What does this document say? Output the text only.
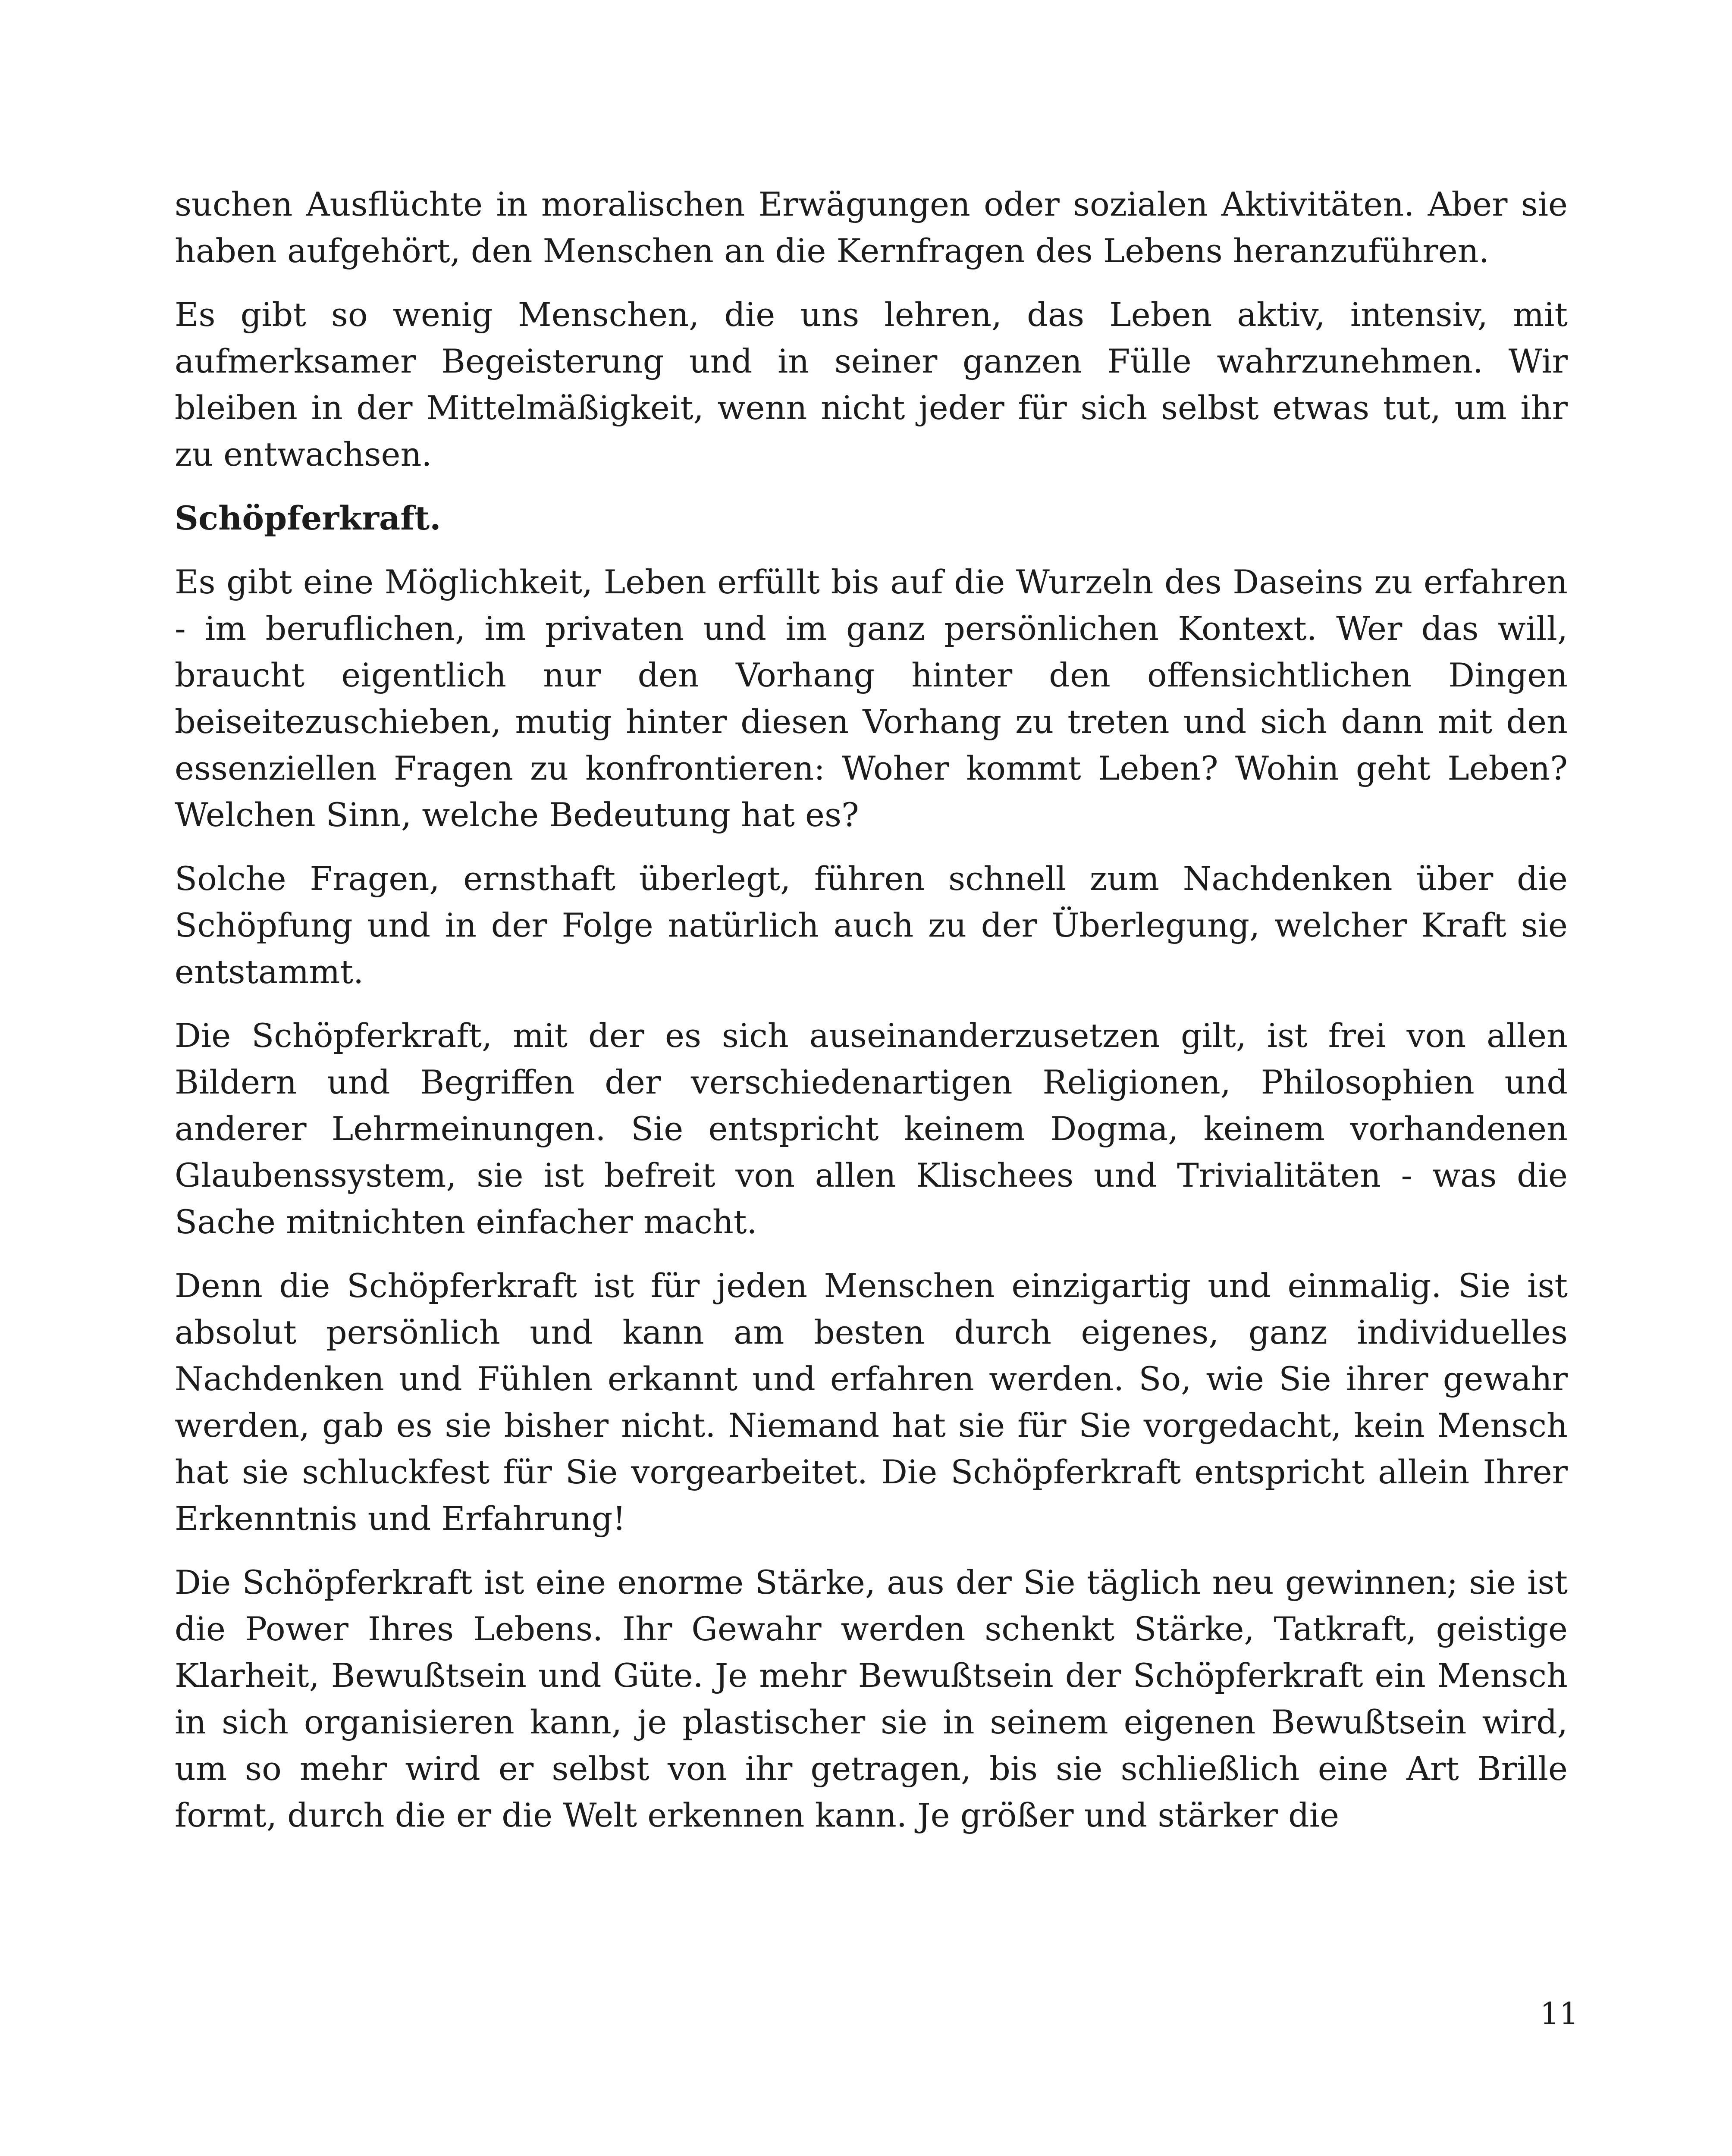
suchen Ausflüchte in moralischen Erwägungen oder sozialen Aktivitäten. Aber sie haben aufgehört, den Menschen an die Kernfragen des Lebens heranzuführen.

Es gibt so wenig Menschen, die uns lehren, das Leben aktiv, intensiv, mit aufmerksamer Begeisterung und in seiner ganzen Fülle wahrzunehmen. Wir bleiben in der Mittelmäßigkeit, wenn nicht jeder für sich selbst etwas tut, um ihr zu entwachsen.

Schöpferkraft.

Es gibt eine Möglichkeit, Leben erfüllt bis auf die Wurzeln des Daseins zu erfahren - im beruflichen, im privaten und im ganz persönlichen Kontext. Wer das will, braucht eigentlich nur den Vorhang hinter den offensichtlichen Dingen beiseitezuschieben, mutig hinter diesen Vorhang zu treten und sich dann mit den essenziellen Fragen zu konfrontieren: Woher kommt Leben? Wohin geht Leben? Welchen Sinn, welche Bedeutung hat es?

Solche Fragen, ernsthaft überlegt, führen schnell zum Nachdenken über die Schöpfung und in der Folge natürlich auch zu der Überlegung, welcher Kraft sie entstammt.

Die Schöpferkraft, mit der es sich auseinanderzusetzen gilt, ist frei von allen Bildern und Begriffen der verschiedenartigen Religionen, Philosophien und anderer Lehrmeinungen. Sie entspricht keinem Dogma, keinem vorhandenen Glaubenssystem, sie ist befreit von allen Klischees und Trivialitäten - was die Sache mitnichten einfacher macht.

Denn die Schöpferkraft ist für jeden Menschen einzigartig und einmalig. Sie ist absolut persönlich und kann am besten durch eigenes, ganz individuelles Nachdenken und Fühlen erkannt und erfahren werden. So, wie Sie ihrer gewahr werden, gab es sie bisher nicht. Niemand hat sie für Sie vorgedacht, kein Mensch hat sie schluckfest für Sie vorgearbeitet. Die Schöpferkraft entspricht allein Ihrer Erkenntnis und Erfahrung!

Die Schöpferkraft ist eine enorme Stärke, aus der Sie täglich neu gewinnen; sie ist die Power Ihres Lebens. Ihr Gewahr werden schenkt Stärke, Tatkraft, geistige Klarheit, Bewußtsein und Güte. Je mehr Bewußtsein der Schöpferkraft ein Mensch in sich organisieren kann, je plastischer sie in seinem eigenen Bewußtsein wird, um so mehr wird er selbst von ihr getragen, bis sie schließlich eine Art Brille formt, durch die er die Welt erkennen kann. Je größer und stärker die

11
